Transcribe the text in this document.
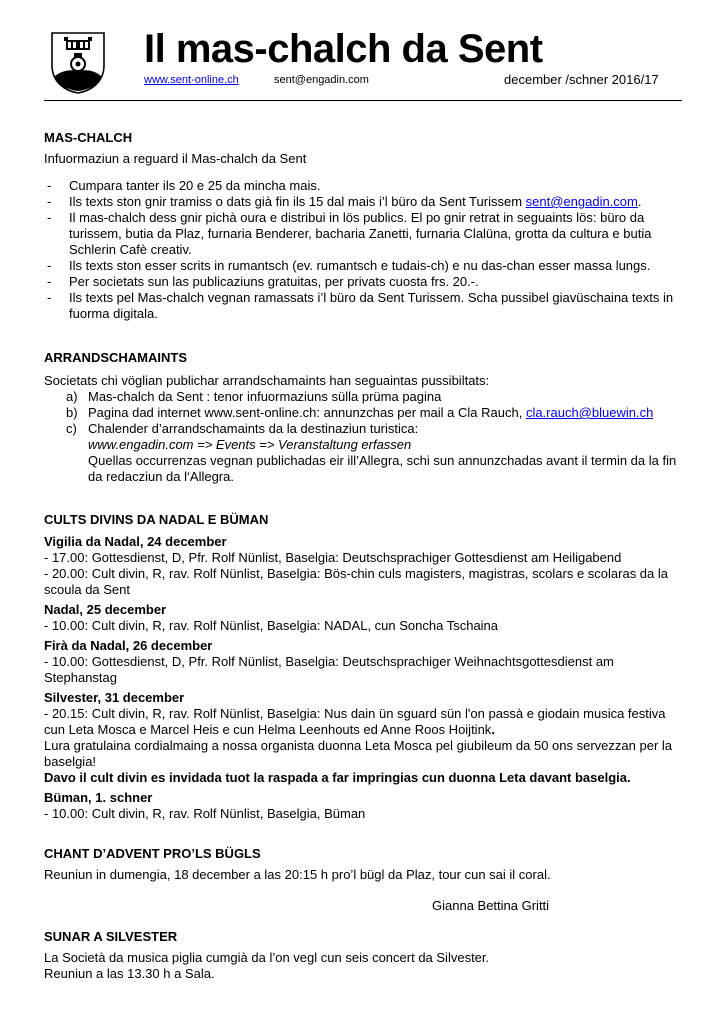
Il mas-chalch da Sent
www.sent-online.ch	sent@engadin.com	december /schner 2016/17
MAS-CHALCH
Infuormaziun a reguard il Mas-chalch da Sent
- Cumpara tanter ils 20 e 25 da mincha mais.
- Ils texts ston gnir tramiss o dats già fin ils 15 dal mais i’l büro da Sent Turissem sent@engadin.com.
- Il mas-chalch dess gnir pichà oura e distribui in lös publics. El po gnir retrat in seguaints lös: büro da turissem, butia da Plaz, furnaria Benderer, bacharia Zanetti, furnaria Clalüna, grotta da cultura e butia Schlerin Cafè creativ.
- Ils texts ston esser scrits in rumantsch (ev. rumantsch e tudais-ch) e nu das-chan esser massa lungs.
- Per societats sun las publicaziuns gratuitas, per privats cuosta frs. 20.-.
- Ils texts pel Mas-chalch vegnan ramassats i’l büro da Sent Turissem. Scha pussibel giavüschaina texts in fuorma digitala.
ARRANDSCHAMAINTS
Societats chi vöglian publichar arrandschamaints han seguaintas pussibiltats:
a) Mas-chalch da Sent : tenor infuormaziuns sülla prüma pagina
b) Pagina dad internet www.sent-online.ch: annunzchas per mail a Cla Rauch, cla.rauch@bluewin.ch
c) Chalender d’arrandschamaints da la destinaziun turistica:
www.engadin.com => Events => Veranstaltung erfassen
Quellas occurrenzas vegnan publichadas eir ill’Allegra, schi sun annunzchadas avant il termin da la fin da redacziun da l‘Allegra.
CULTS DIVINS DA NADAL E BÜMAN
Vigilia da Nadal, 24 december
- 17.00: Gottesdienst, D, Pfr. Rolf Nünlist, Baselgia: Deutschsprachiger Gottesdienst am Heiligabend
- 20.00: Cult divin, R, rav. Rolf Nünlist, Baselgia: Bös-chin culs magisters, magistras, scolars e scolaras da la scoula da Sent
Nadal, 25 december
- 10.00: Cult divin, R, rav. Rolf Nünlist, Baselgia: NADAL, cun Soncha Tschaina
Firà da Nadal, 26 december
- 10.00: Gottesdienst, D, Pfr. Rolf Nünlist, Baselgia: Deutschsprachiger Weihnachtsgottesdienst am Stephanstag
Silvester, 31 december
- 20.15: Cult divin, R, rav. Rolf Nünlist, Baselgia: Nus dain ün sguard sün l'on passà e giodain musica festiva cun Leta Mosca e Marcel Heis e cun Helma Leenhouts ed Anne Roos Hoijtink.
Lura gratulaina cordialmaing a nossa organista duonna Leta Mosca pel giubileum da 50 ons servezzan per la baselgia!
Davo il cult divin es invidada tuot la raspada a far impringias cun duonna Leta davant baselgia.
Büman, 1. schner
- 10.00: Cult divin, R, rav. Rolf Nünlist, Baselgia, Büman
CHANT D’ADVENT PRO’LS BÜGLS
Reuniun in dumengia, 18 december a las 20:15 h pro’l bügl da Plaz, tour cun sai il coral.
Gianna Bettina Gritti
SUNAR A SILVESTER
La Società da musica piglia cumgià da l’on vegl cun seis concert da Silvester.
Reuniun a las 13.30 h a Sala.
